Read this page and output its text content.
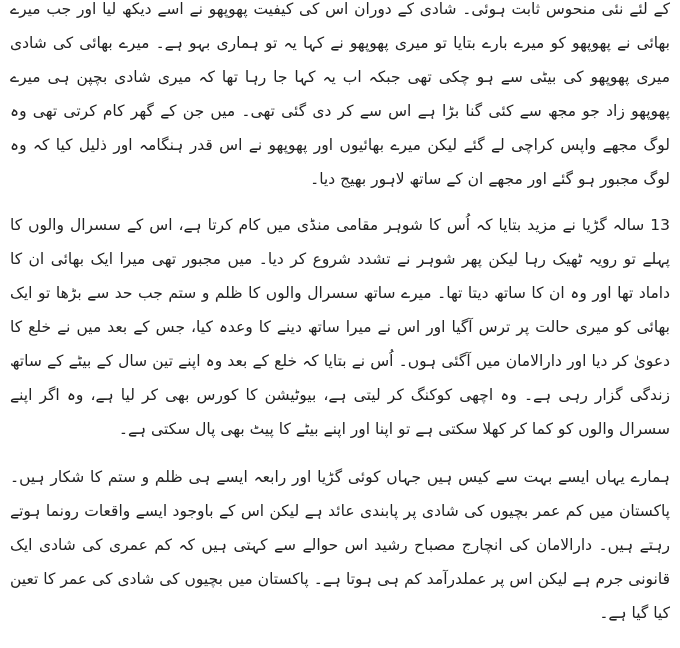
کے لئے نئی منحوس ثابت ہوئی۔ شادی کے دوران اس کی کیفیت پھوپھو نے اسے دیکھ لیا اور جب میرے بھائی نے پھوپھو کو میرے بارے بتایا تو میری پھوپھو نے کہا یہ تو ہماری بہو ہے۔ میرے بھائی کی شادی میری پھوپھو کی بیٹی سے ہو چکی تھی جبکہ اب یہ کہا جا رہا تھا کہ میری شادی بچپن ہی میرے پھوپھو زاد جو مجھ سے کئی گنا بڑا ہے اس سے کر دی گئی تھی۔ میں جن کے گھر کام کرتی تھی وہ لوگ مجھے واپس کراچی لے گئے لیکن میرے بھائیوں اور پھوپھو نے اس قدر ہنگامہ اور ذلیل کیا کہ وہ لوگ مجبور ہو گئے اور مجھے ان کے ساتھ لاہور بھیج دیا۔

13 سالہ گڑیا نے مزید بتایا کہ اُس کا شوہر مقامی منڈی میں کام کرتا ہے، اس کے سسرال والوں کا پہلے تو رویہ ٹھیک رہا لیکن پھر شوہر نے تشدد شروع کر دیا۔ میں مجبور تھی میرا ایک بھائی ان کا داماد تھا اور وہ ان کا ساتھ دیتا تھا۔ میرے ساتھ سسرال والوں کا ظلم و ستم جب حد سے بڑھا تو ایک بھائی کو میری حالت پر ترس آگیا اور اس نے میرا ساتھ دینے کا وعدہ کیا، جس کے بعد میں نے خلع کا دعویٰ کر دیا اور دارالامان میں آگئی ہوں۔ اُس نے بتایا کہ خلع کے بعد وہ اپنے تین سال کے بیٹے کے ساتھ زندگی گزار رہی ہے۔ وہ اچھی کوکنگ کر لیتی ہے، بیوٹیشن کا کورس بھی کر لیا ہے، وہ اگر اپنے سسرال والوں کو کما کر کھلا سکتی ہے تو اپنا اور اپنے بیٹے کا پیٹ بھی پال سکتی ہے۔

ہمارے یہاں ایسے بہت سے کیس ہیں جہاں کوئی گڑیا اور رابعہ ایسے ہی ظلم و ستم کا شکار ہیں۔ پاکستان میں کم عمر بچیوں کی شادی پر پابندی عائد ہے لیکن اس کے باوجود ایسے واقعات رونما ہوتے رہتے ہیں۔ دارالامان کی انچارج مصباح رشید اس حوالے سے کہتی ہیں کہ کم عمری کی شادی ایک قانونی جرم ہے لیکن اس پر عملدرآمد کم ہی ہوتا ہے۔ پاکستان میں بچیوں کی شادی کی عمر کا تعین کیا گیا ہے۔
